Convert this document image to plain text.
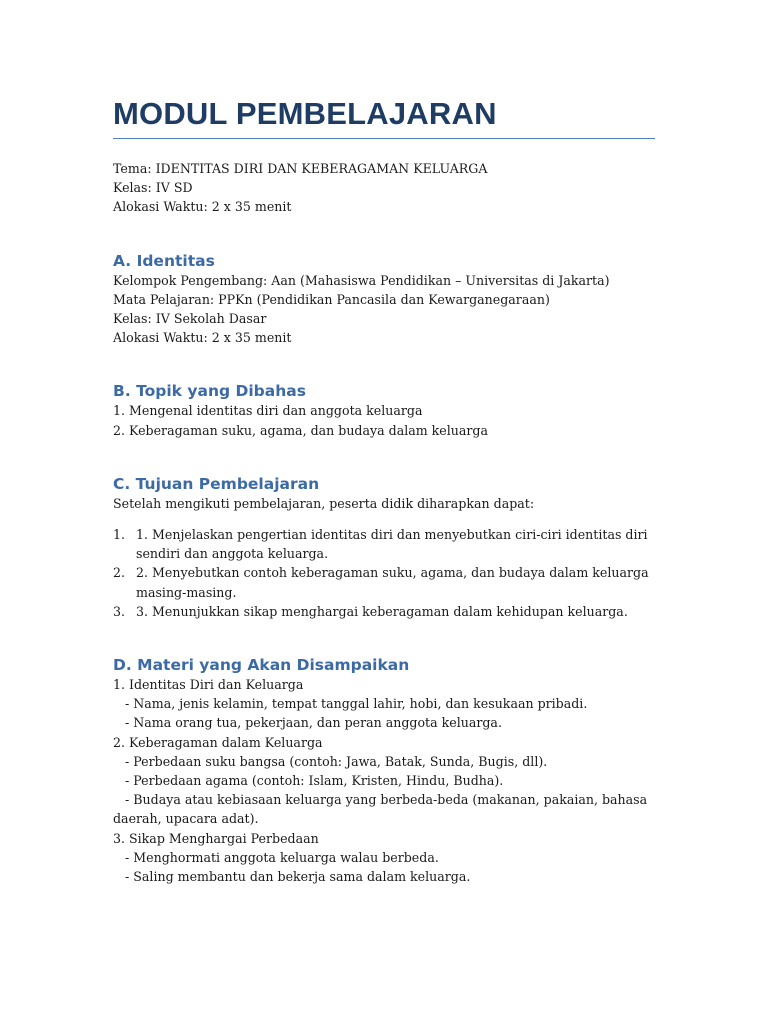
MODUL PEMBELAJARAN
Tema: IDENTITAS DIRI DAN KEBERAGAMAN KELUARGA
Kelas: IV SD
Alokasi Waktu: 2 x 35 menit
A. Identitas
Kelompok Pengembang: Aan (Mahasiswa Pendidikan – Universitas di Jakarta)
Mata Pelajaran: PPKn (Pendidikan Pancasila dan Kewarganegaraan)
Kelas: IV Sekolah Dasar
Alokasi Waktu: 2 x 35 menit
B. Topik yang Dibahas
1. Mengenal identitas diri dan anggota keluarga
2. Keberagaman suku, agama, dan budaya dalam keluarga
C. Tujuan Pembelajaran
Setelah mengikuti pembelajaran, peserta didik diharapkan dapat:
1. 1. Menjelaskan pengertian identitas diri dan menyebutkan ciri-ciri identitas diri sendiri dan anggota keluarga.
2. 2. Menyebutkan contoh keberagaman suku, agama, dan budaya dalam keluarga masing-masing.
3. 3. Menunjukkan sikap menghargai keberagaman dalam kehidupan keluarga.
D. Materi yang Akan Disampaikan
1. Identitas Diri dan Keluarga
- Nama, jenis kelamin, tempat tanggal lahir, hobi, dan kesukaan pribadi.
- Nama orang tua, pekerjaan, dan peran anggota keluarga.
2. Keberagaman dalam Keluarga
- Perbedaan suku bangsa (contoh: Jawa, Batak, Sunda, Bugis, dll).
- Perbedaan agama (contoh: Islam, Kristen, Hindu, Budha).
- Budaya atau kebiasaan keluarga yang berbeda-beda (makanan, pakaian, bahasa daerah, upacara adat).
3. Sikap Menghargai Perbedaan
- Menghormati anggota keluarga walau berbeda.
- Saling membantu dan bekerja sama dalam keluarga.
